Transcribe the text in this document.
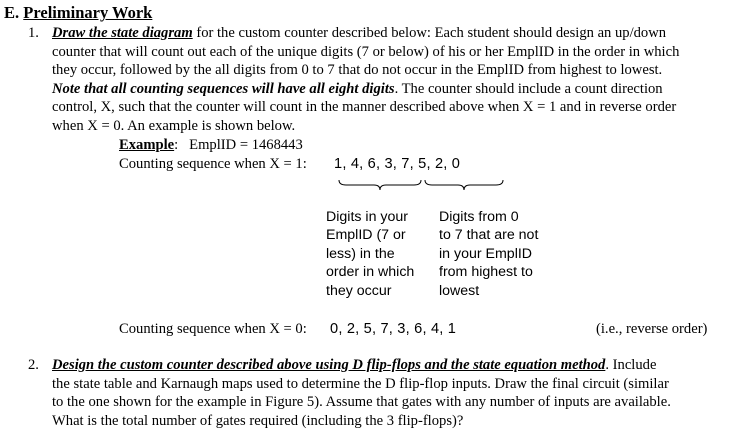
E. Preliminary Work
1. Draw the state diagram for the custom counter described below: Each student should design an up/down
counter that will count out each of the unique digits (7 or below) of his or her EmplID in the order in which
they occur, followed by the all digits from 0 to 7 that do not occur in the EmplID from highest to lowest.
Note that all counting sequences will have all eight digits. The counter should include a count direction
control, X, such that the counter will count in the manner described above when X = 1 and in reverse order
when X = 0. An example is shown below.
Example: EmplID = 1468443
Counting sequence when X = 1: 1, 4, 6, 3, 7, 5, 2, 0
Digits in your
EmplID (7 or
less) in the
order in which
they occur
Digits from 0
to 7 that are not
in your EmplID
from highest to
lowest
Counting sequence when X = 0: 0, 2, 5, 7, 3, 6, 4, 1	(i.e., reverse order)
2. Design the custom counter described above using D flip-flops and the state equation method. Include
the state table and Karnaugh maps used to determine the D flip-flop inputs. Draw the final circuit (similar
to the one shown for the example in Figure 5). Assume that gates with any number of inputs are available.
What is the total number of gates required (including the 3 flip-flops)?
